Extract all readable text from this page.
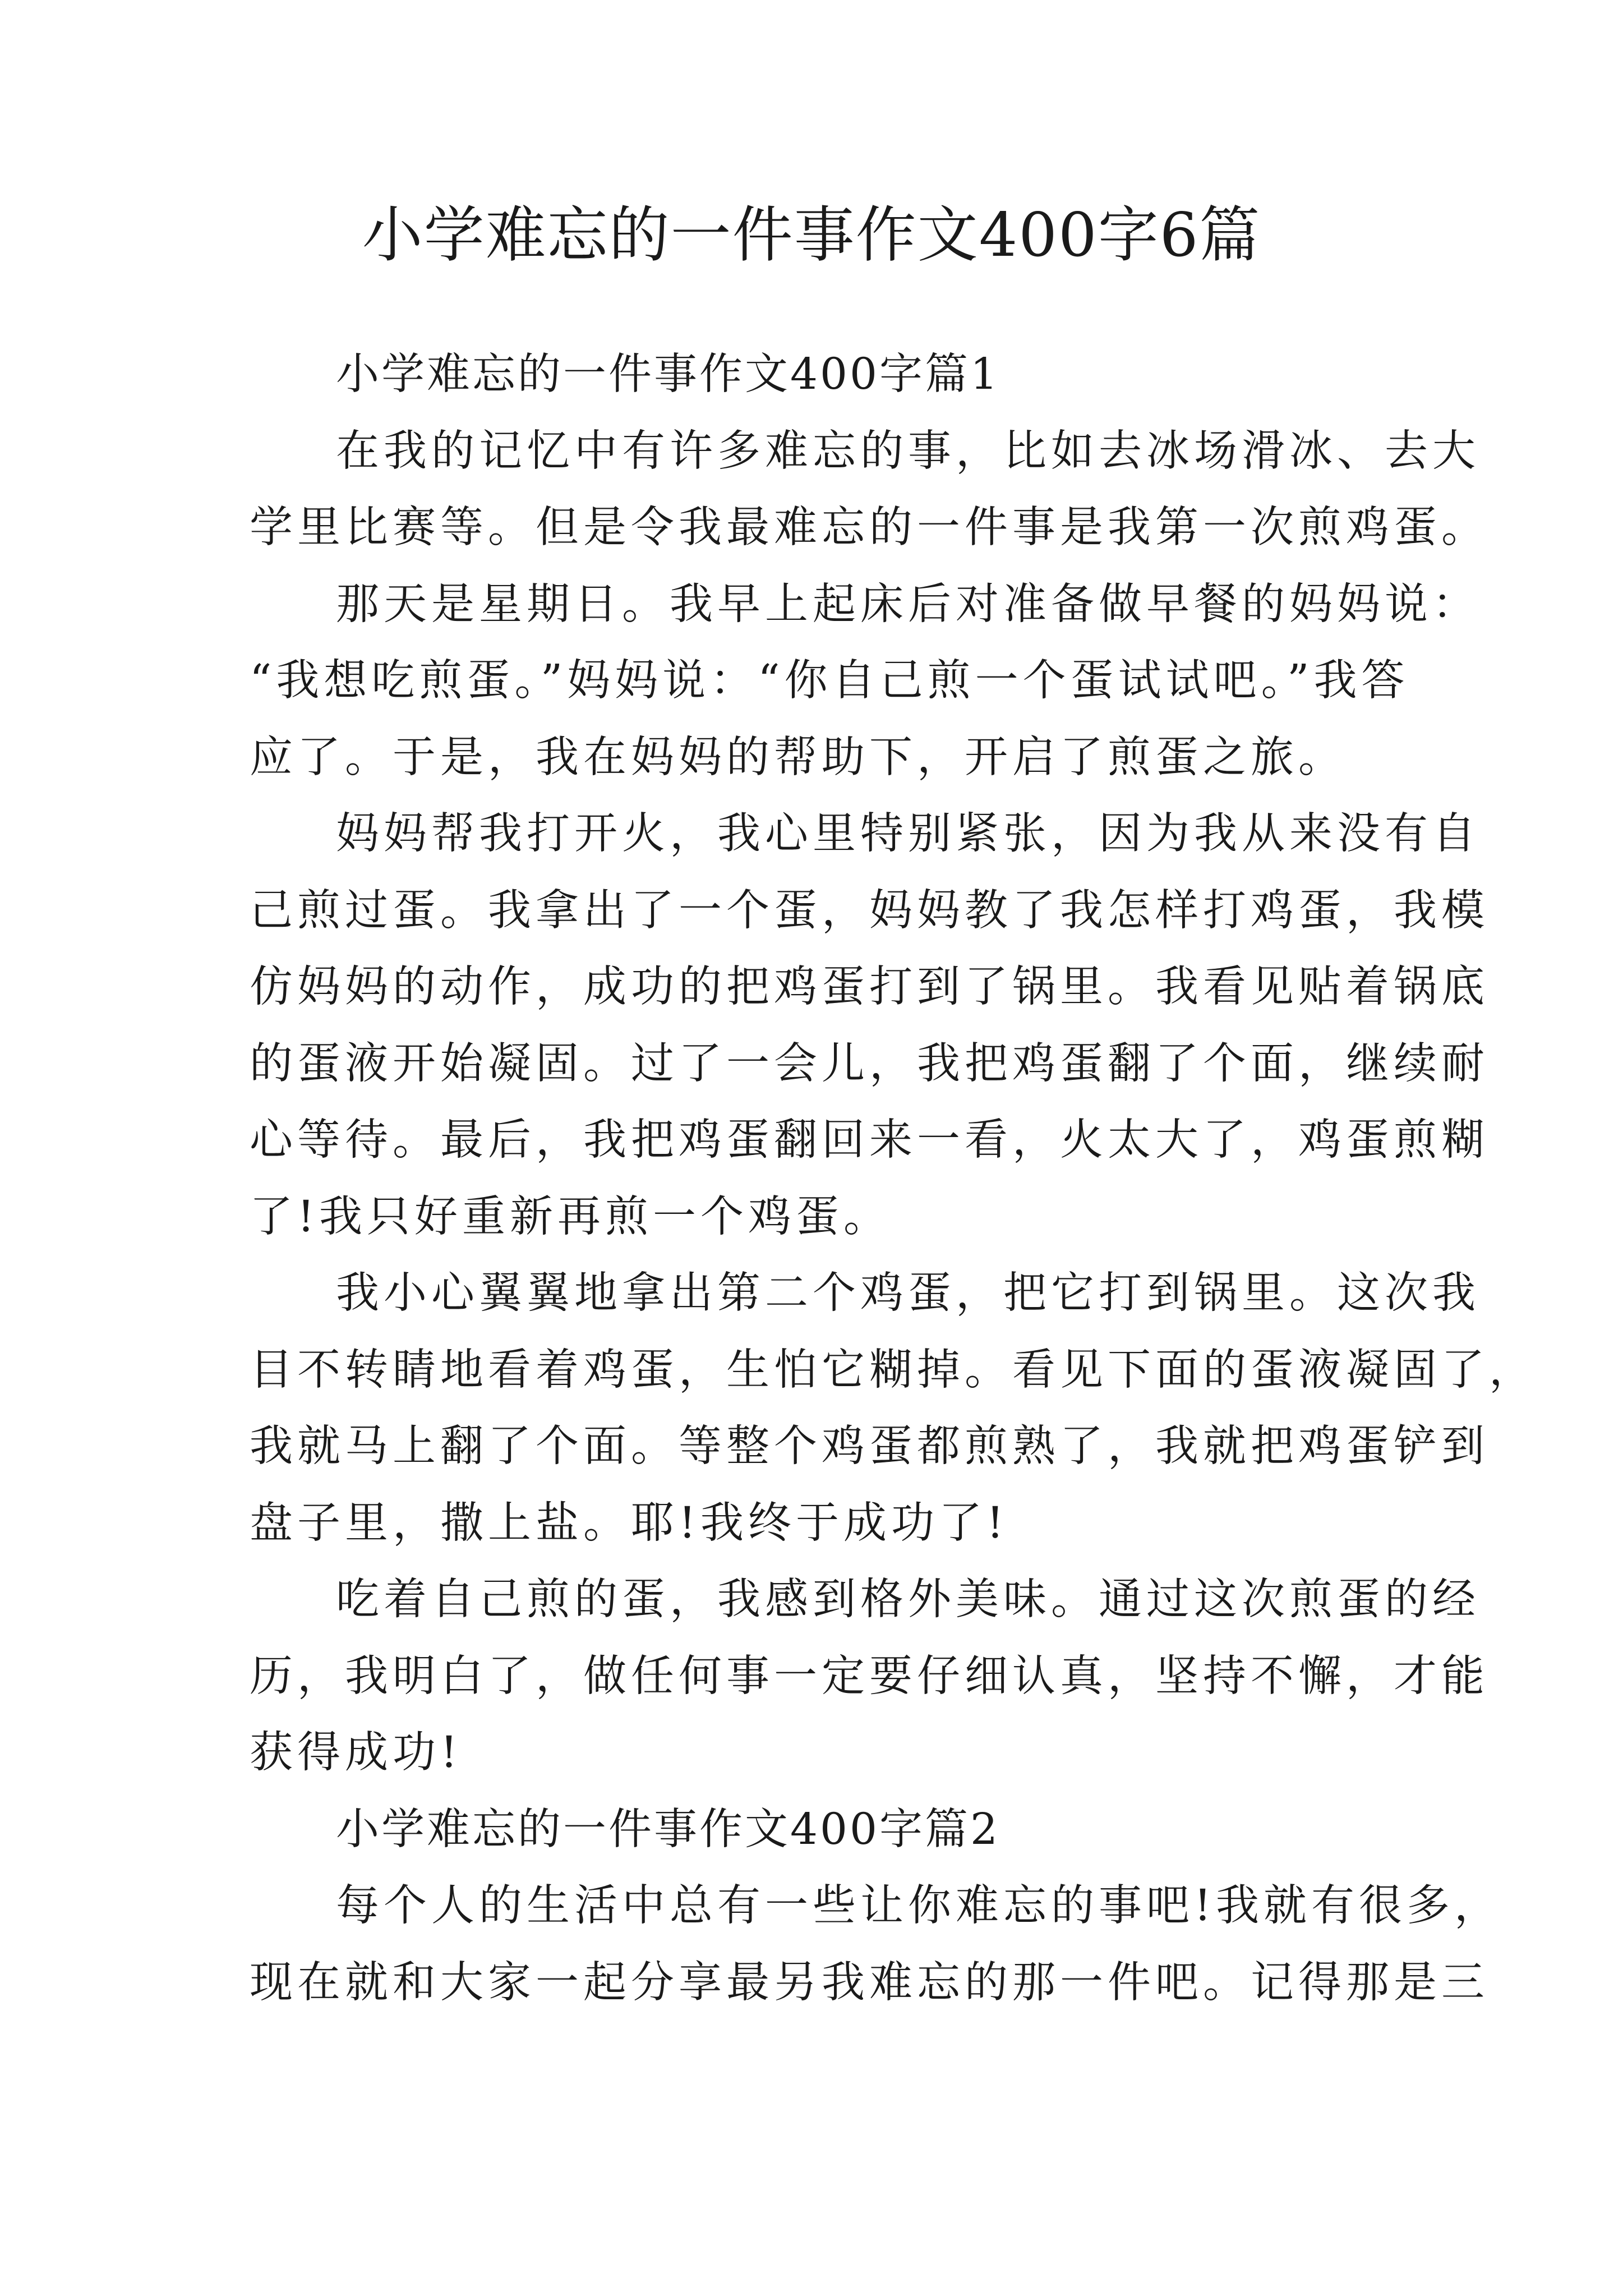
小学难忘的一件事作文400字6篇
小学难忘的一件事作文400字篇1
在我的记忆中有许多难忘的事，比如去冰场滑冰、去大
学里比赛等。但是令我最难忘的一件事是我第一次煎鸡蛋。
那天是星期日。我早上起床后对准备做早餐的妈妈说：
“我想吃煎蛋。”妈妈说：“你自己煎一个蛋试试吧。”我答
应了。于是，我在妈妈的帮助下，开启了煎蛋之旅。
妈妈帮我打开火，我心里特别紧张，因为我从来没有自
己煎过蛋。我拿出了一个蛋，妈妈教了我怎样打鸡蛋，我模
仿妈妈的动作，成功的把鸡蛋打到了锅里。我看见贴着锅底
的蛋液开始凝固。过了一会儿，我把鸡蛋翻了个面，继续耐
心等待。最后，我把鸡蛋翻回来一看，火太大了，鸡蛋煎糊
了!我只好重新再煎一个鸡蛋。
我小心翼翼地拿出第二个鸡蛋，把它打到锅里。这次我
目不转睛地看着鸡蛋，生怕它糊掉。看见下面的蛋液凝固了，
我就马上翻了个面。等整个鸡蛋都煎熟了，我就把鸡蛋铲到
盘子里，撒上盐。耶!我终于成功了!
吃着自己煎的蛋，我感到格外美味。通过这次煎蛋的经
历，我明白了，做任何事一定要仔细认真，坚持不懈，才能
获得成功!
小学难忘的一件事作文400字篇2
每个人的生活中总有一些让你难忘的事吧!我就有很多，
现在就和大家一起分享最另我难忘的那一件吧。记得那是三
